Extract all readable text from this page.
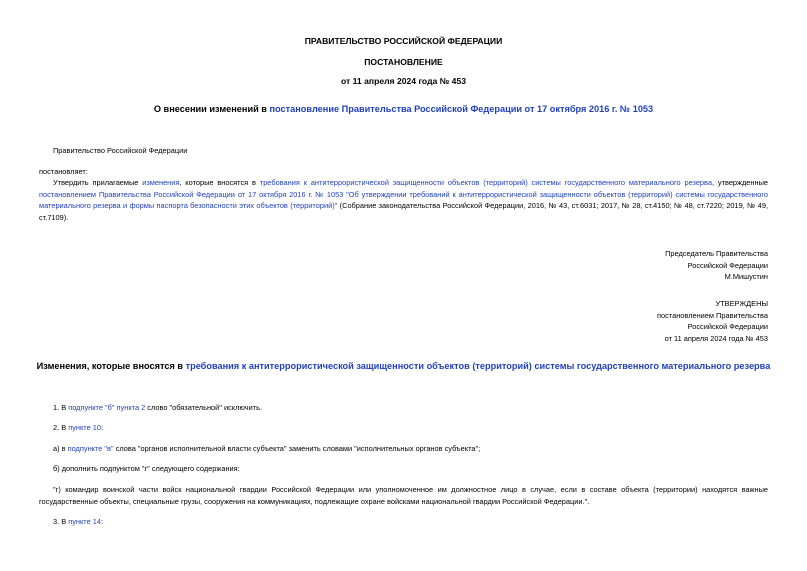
ПРАВИТЕЛЬСТВО РОССИЙСКОЙ ФЕДЕРАЦИИ
ПОСТАНОВЛЕНИЕ
от 11 апреля 2024 года № 453
О внесении изменений в постановление Правительства Российской Федерации от 17 октября 2016 г. № 1053
Правительство Российской Федерации
постановляет:
Утвердить прилагаемые изменения, которые вносятся в требования к антитеррористической защищенности объектов (территорий) системы государственного материального резерва, утвержденные постановлением Правительства Российской Федерации от 17 октября 2016 г. № 1053 "Об утверждении требований к антитеррористической защищенности объектов (территорий) системы государственного материального резерва и формы паспорта безопасности этих объектов (территорий)" (Собрание законодательства Российской Федерации, 2016, № 43, ст.6031; 2017, № 28, ст.4150; № 48, ст.7220; 2019, № 49, ст.7109).
Председатель Правительства
Российской Федерации
М.Мишустин
УТВЕРЖДЕНЫ
постановлением Правительства
Российской Федерации
от 11 апреля 2024 года № 453
Изменения, которые вносятся в требования к антитеррористической защищенности объектов (территорий) системы государственного материального резерва
1. В подпункте "б" пункта 2 слово "обязательной" исключить.
2. В пункте 10:
а) в подпункте "в" слова "органов исполнительной власти субъекта" заменить словами "исполнительных органов субъекта";
б) дополнить подпунктом "г" следующего содержания:
"г) командир воинской части войск национальной гвардии Российской Федерации или уполномоченное им должностное лицо в случае, если в составе объекта (территории) находятся важные государственные объекты, специальные грузы, сооружения на коммуникациях, подлежащие охране войсками национальной гвардии Российской Федерации.".
3. В пункте 14:
